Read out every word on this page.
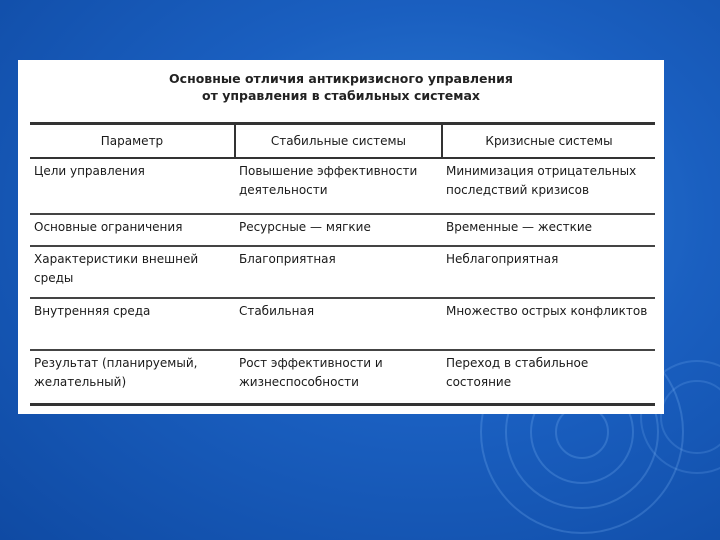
Основные отличия антикризисного управления
от управления в стабильных системах
Параметр	Стабильные системы	Кризисные системы
Цели управления	Повышение эффективности деятельности	Минимизация отрицательных последствий кризисов
Основные ограничения	Ресурсные — мягкие	Временные — жесткие
Характеристики внешней среды	Благоприятная	Неблагоприятная
Внутренняя среда	Стабильная	Множество острых конфликтов
Результат (планируемый, желательный)	Рост эффективности и жизнеспособности	Переход в стабильное состояние
